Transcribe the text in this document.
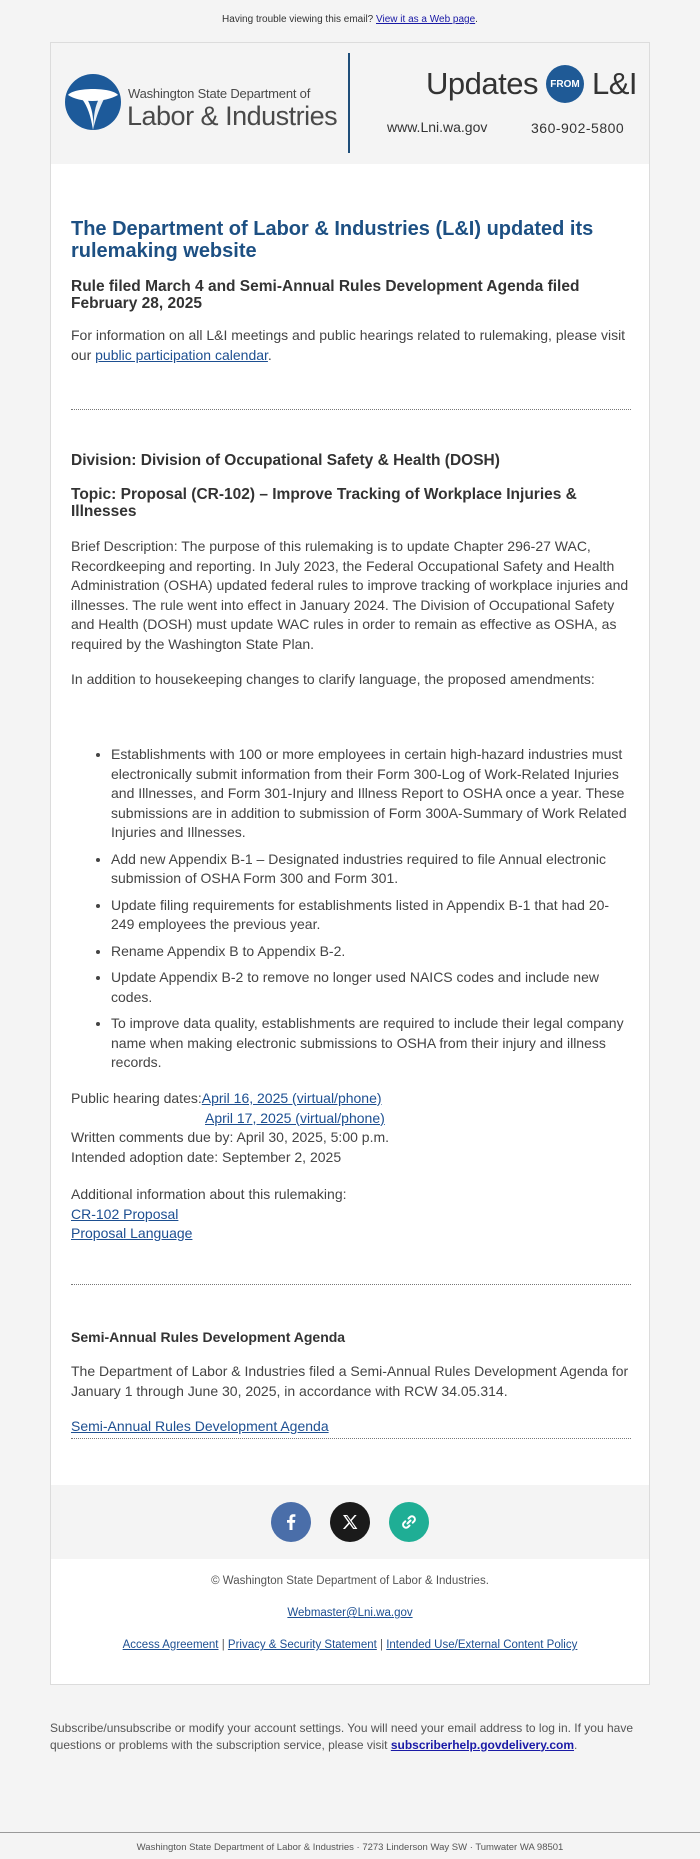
Having trouble viewing this email? View it as a Web page.
Washington State Department of
Labor & Industries
Updates	FROM L&I
www.Lni.wa.gov	360-902-5800
The Department of Labor & Industries (L&I) updated its rulemaking website
Rule filed March 4 and Semi-Annual Rules Development Agenda filed February 28, 2025

For information on all L&I meetings and public hearings related to rulemaking, please visit our public participation calendar.

Division: Division of Occupational Safety & Health (DOSH)
Topic: Proposal (CR-102) – Improve Tracking of Workplace Injuries & Illnesses

Brief Description: The purpose of this rulemaking is to update Chapter 296-27 WAC, Recordkeeping and reporting. In July 2023, the Federal Occupational Safety and Health Administration (OSHA) updated federal rules to improve tracking of workplace injuries and illnesses. The rule went into effect in January 2024. The Division of Occupational Safety and Health (DOSH) must update WAC rules in order to remain as effective as OSHA, as required by the Washington State Plan.

In addition to housekeeping changes to clarify language, the proposed amendments:

• Establishments with 100 or more employees in certain high-hazard industries must electronically submit information from their Form 300-Log of Work-Related Injuries and Illnesses, and Form 301-Injury and Illness Report to OSHA once a year. These submissions are in addition to submission of Form 300A-Summary of Work Related Injuries and Illnesses.
• Add new Appendix B-1 – Designated industries required to file Annual electronic submission of OSHA Form 300 and Form 301.
• Update filing requirements for establishments listed in Appendix B-1 that had 20-249 employees the previous year.
• Rename Appendix B to Appendix B-2.
• Update Appendix B-2 to remove no longer used NAICS codes and include new codes.
• To improve data quality, establishments are required to include their legal company name when making electronic submissions to OSHA from their injury and illness records.
Public hearing dates: April 16, 2025 (virtual/phone)
April 17, 2025 (virtual/phone)
Written comments due by: April 30, 2025, 5:00 p.m.
Intended adoption date: September 2, 2025
Additional information about this rulemaking:
CR-102 Proposal
Proposal Language
Semi-Annual Rules Development Agenda

The Department of Labor & Industries filed a Semi-Annual Rules Development Agenda for January 1 through June 30, 2025, in accordance with RCW 34.05.314.

Semi-Annual Rules Development Agenda

© Washington State Department of Labor & Industries.
Webmaster@Lni.wa.gov
Access Agreement | Privacy & Security Statement | Intended Use/External Content Policy
Subscribe/unsubscribe or modify your account settings. You will need your email address to log in. If you have questions or problems with the subscription service, please visit subscriberhelp.govdelivery.com.
Washington State Department of Labor & Industries · 7273 Linderson Way SW · Tumwater WA 98501
